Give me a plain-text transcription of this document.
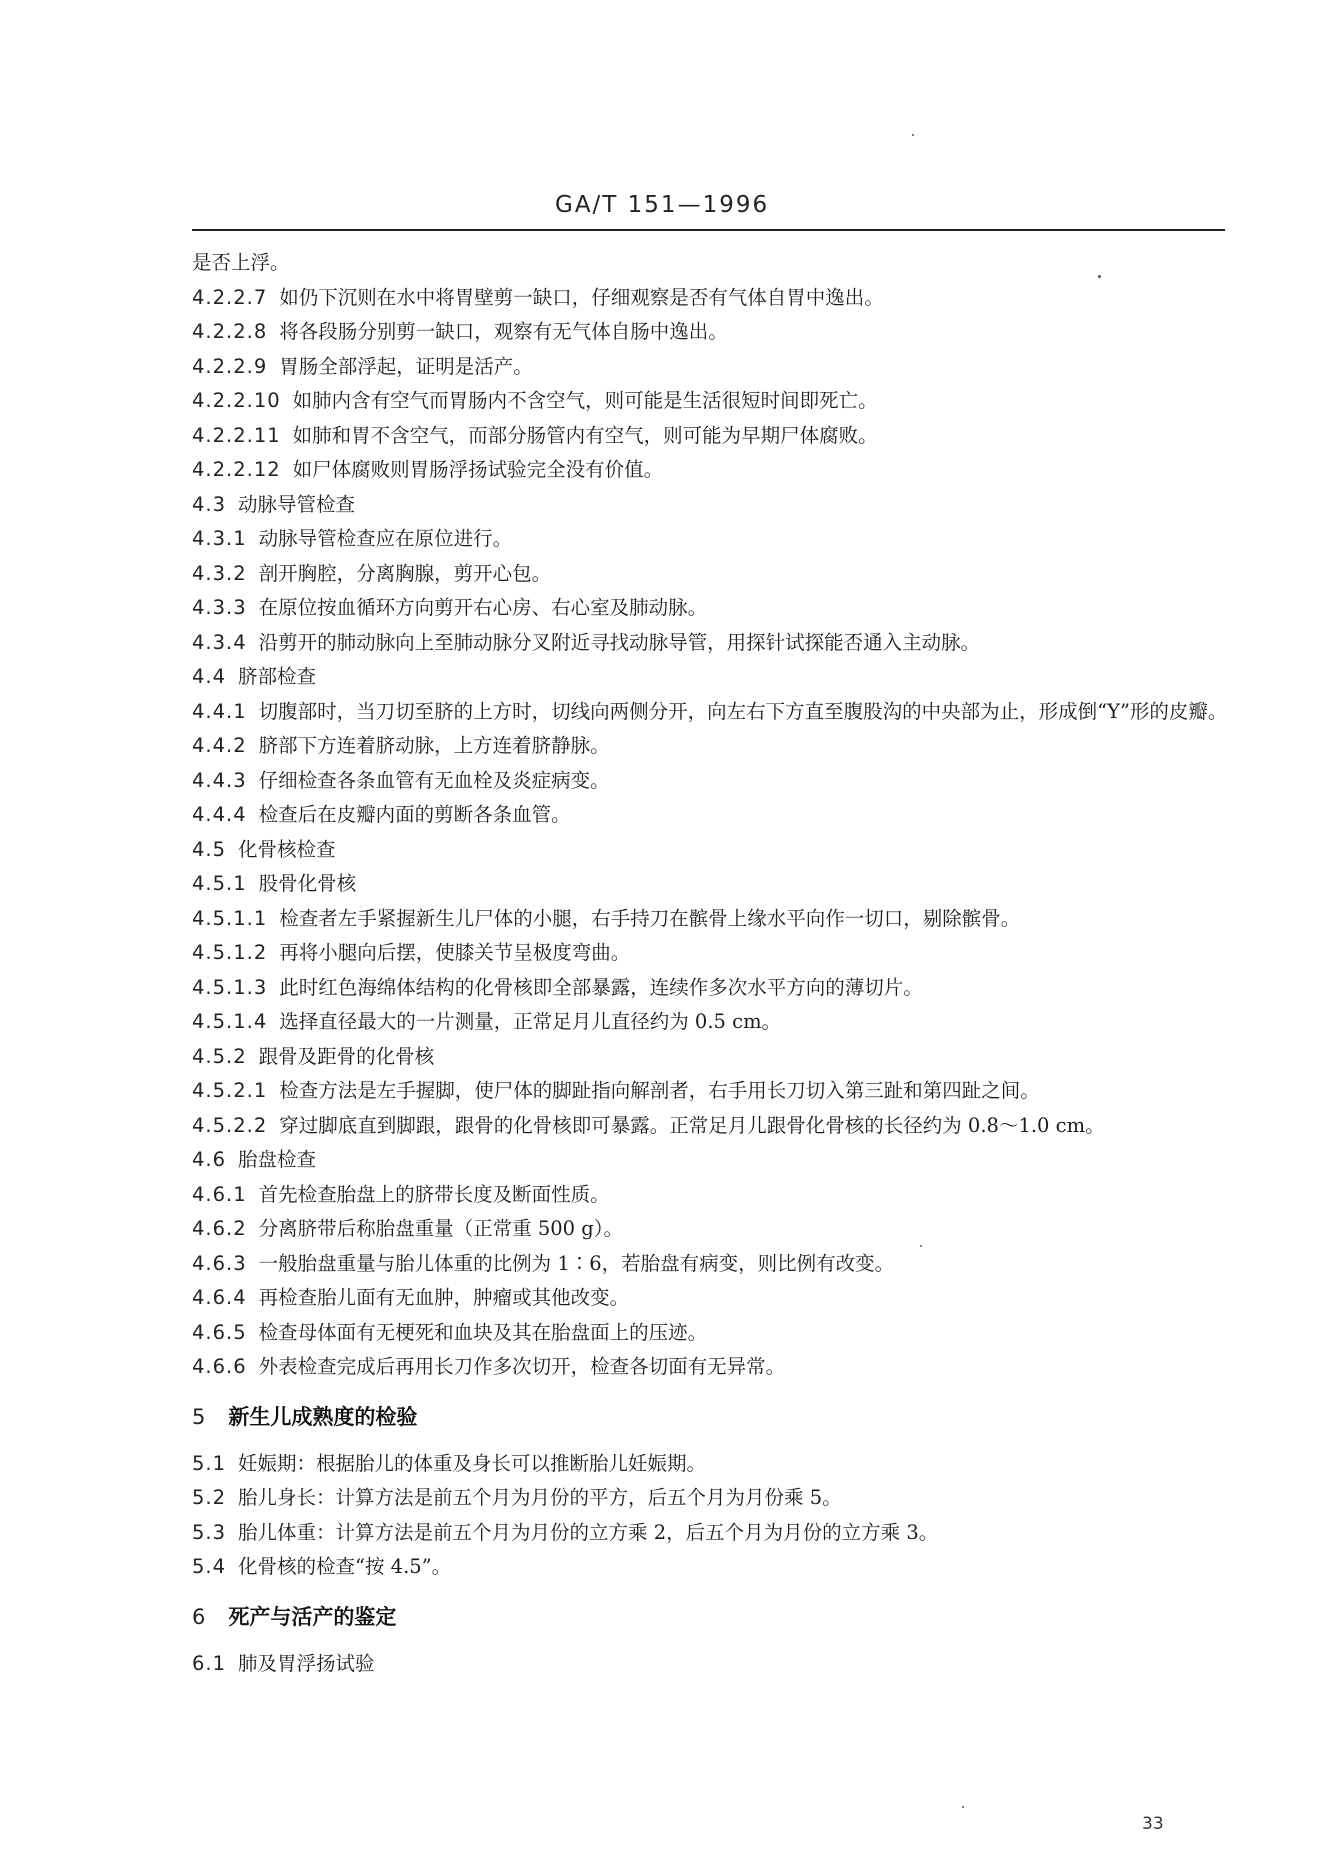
GA/T 151—1996
是否上浮。
4.2.2.7 如仍下沉则在水中将胃壁剪一缺口，仔细观察是否有气体自胃中逸出。
4.2.2.8 将各段肠分别剪一缺口，观察有无气体自肠中逸出。
4.2.2.9 胃肠全部浮起，证明是活产。
4.2.2.10 如肺内含有空气而胃肠内不含空气，则可能是生活很短时间即死亡。
4.2.2.11 如肺和胃不含空气，而部分肠管内有空气，则可能为早期尸体腐败。
4.2.2.12 如尸体腐败则胃肠浮扬试验完全没有价值。
4.3 动脉导管检查
4.3.1 动脉导管检查应在原位进行。
4.3.2 剖开胸腔，分离胸腺，剪开心包。
4.3.3 在原位按血循环方向剪开右心房、右心室及肺动脉。
4.3.4 沿剪开的肺动脉向上至肺动脉分叉附近寻找动脉导管，用探针试探能否通入主动脉。
4.4 脐部检查
4.4.1 切腹部时，当刀切至脐的上方时，切线向两侧分开，向左右下方直至腹股沟的中央部为止，形成倒“Y”形的皮瓣。
4.4.2 脐部下方连着脐动脉，上方连着脐静脉。
4.4.3 仔细检查各条血管有无血栓及炎症病变。
4.4.4 检查后在皮瓣内面的剪断各条血管。
4.5 化骨核检查
4.5.1 股骨化骨核
4.5.1.1 检查者左手紧握新生儿尸体的小腿，右手持刀在髌骨上缘水平向作一切口，剔除髌骨。
4.5.1.2 再将小腿向后摆，使膝关节呈极度弯曲。
4.5.1.3 此时红色海绵体结构的化骨核即全部暴露，连续作多次水平方向的薄切片。
4.5.1.4 选择直径最大的一片测量，正常足月儿直径约为 0.5 cm。
4.5.2 跟骨及距骨的化骨核
4.5.2.1 检查方法是左手握脚，使尸体的脚趾指向解剖者，右手用长刀切入第三趾和第四趾之间。
4.5.2.2 穿过脚底直到脚跟，跟骨的化骨核即可暴露。正常足月儿跟骨化骨核的长径约为 0.8～1.0 cm。
4.6 胎盘检查
4.6.1 首先检查胎盘上的脐带长度及断面性质。
4.6.2 分离脐带后称胎盘重量（正常重 500 g）。
4.6.3 一般胎盘重量与胎儿体重的比例为 1∶6，若胎盘有病变，则比例有改变。
4.6.4 再检查胎儿面有无血肿，肿瘤或其他改变。
4.6.5 检查母体面有无梗死和血块及其在胎盘面上的压迹。
4.6.6 外表检查完成后再用长刀作多次切开，检查各切面有无异常。
5 新生儿成熟度的检验
5.1 妊娠期：根据胎儿的体重及身长可以推断胎儿妊娠期。
5.2 胎儿身长：计算方法是前五个月为月份的平方，后五个月为月份乘 5。
5.3 胎儿体重：计算方法是前五个月为月份的立方乘 2，后五个月为月份的立方乘 3。
5.4 化骨核的检查“按 4.5”。
6 死产与活产的鉴定
6.1 肺及胃浮扬试验
33
